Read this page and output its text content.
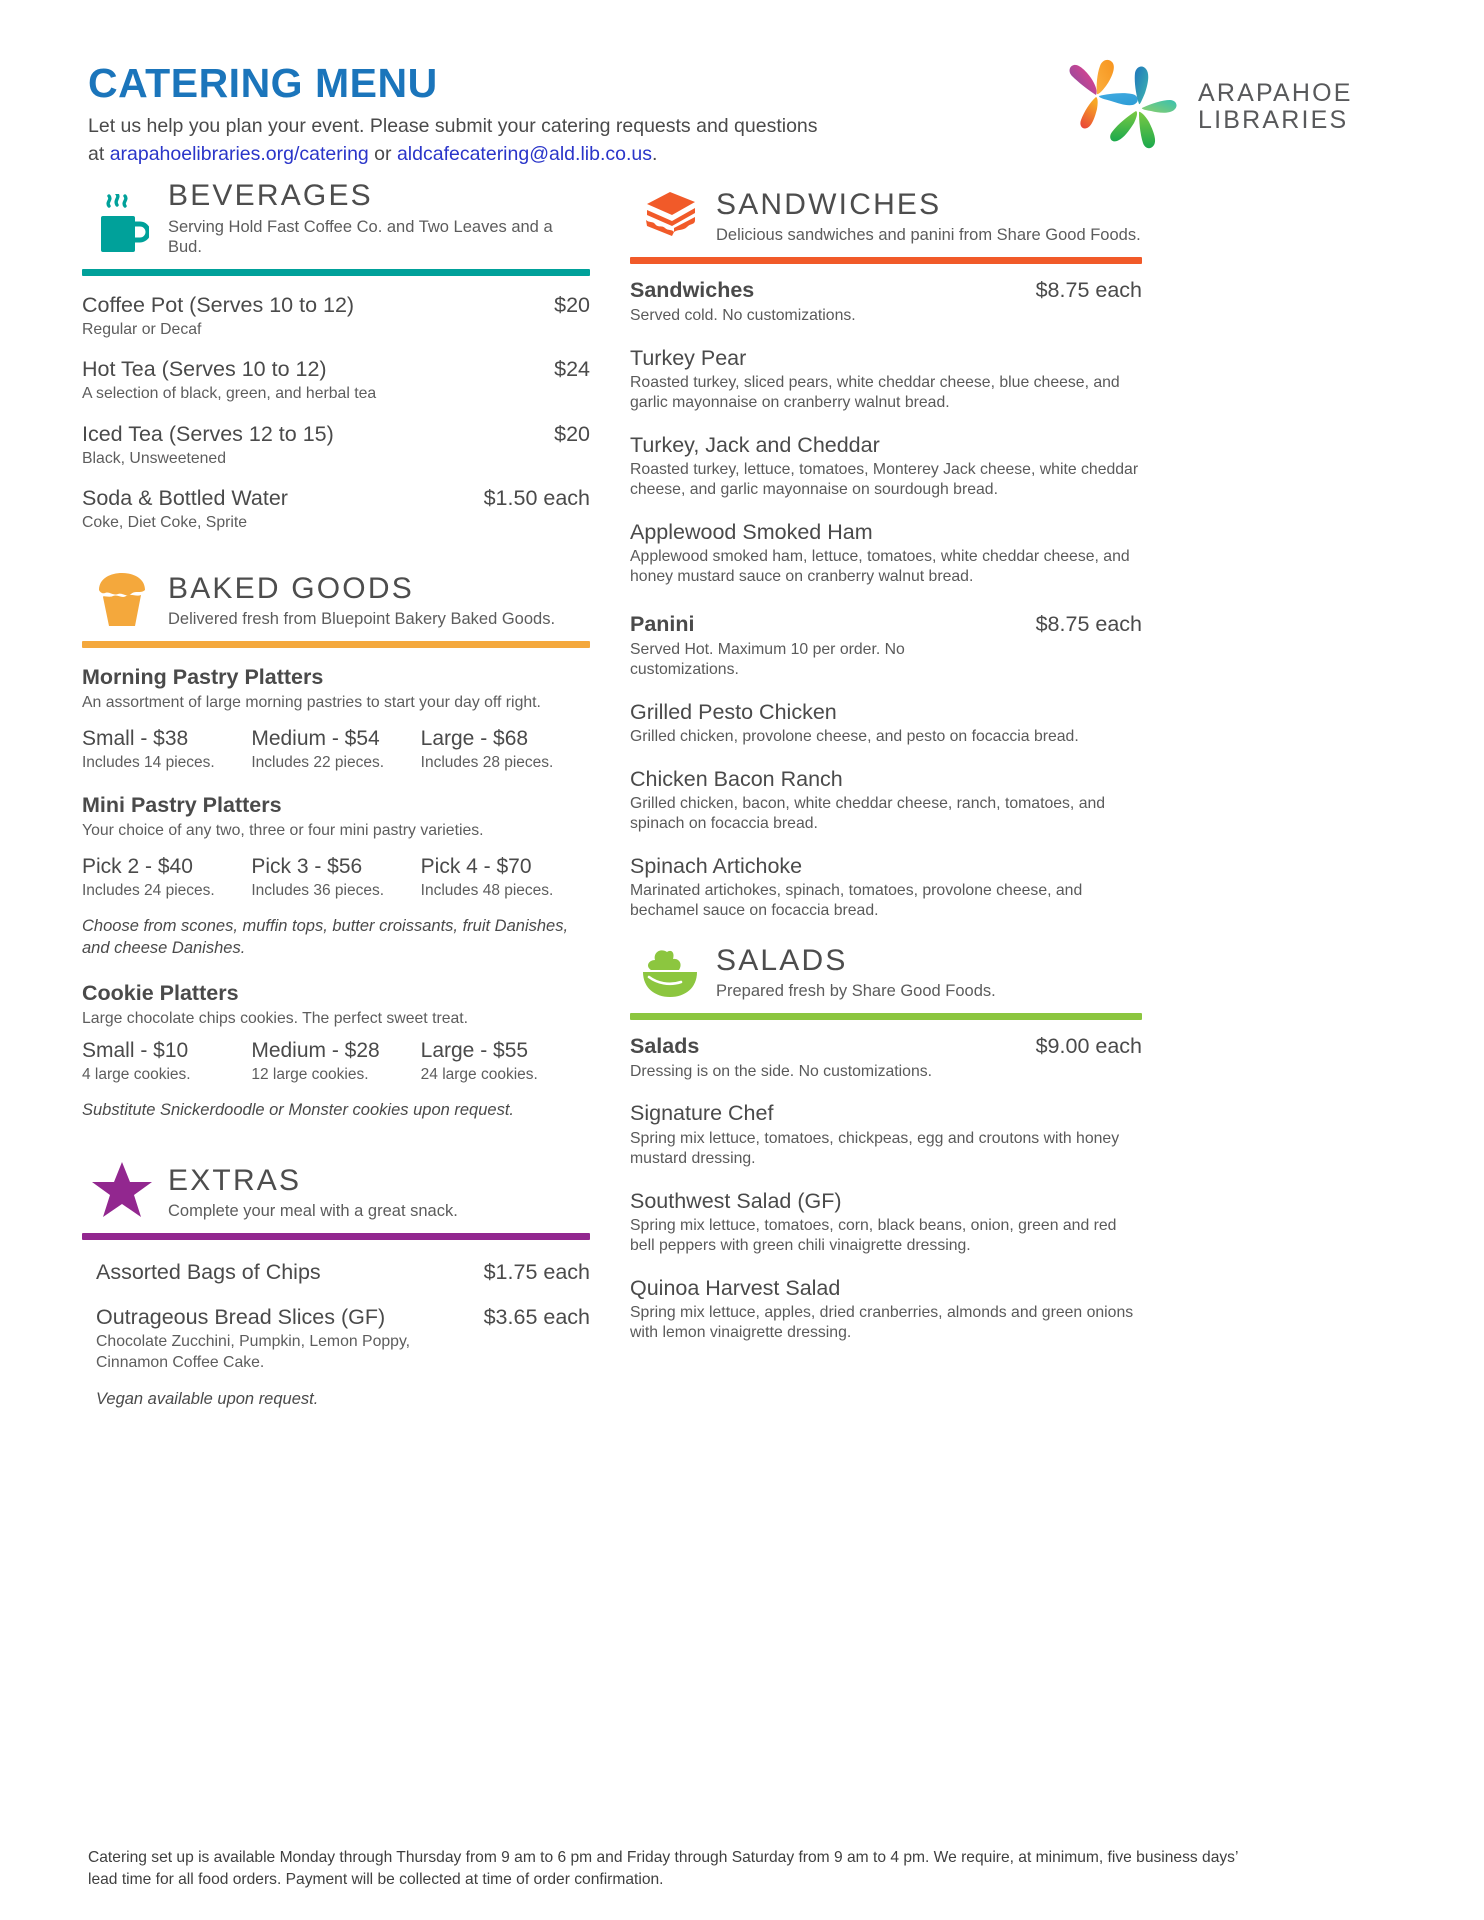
CATERING MENU
Let us help you plan your event. Please submit your catering requests and questions
at arapahoelibraries.org/catering or aldcafecatering@ald.lib.co.us.
ARAPAHOE
LIBRARIES
BEVERAGES
Serving Hold Fast Coffee Co. and Two Leaves and a Bud.
Coffee Pot (Serves 10 to 12)	$20
Regular or Decaf
Hot Tea (Serves 10 to 12)	$24
A selection of black, green, and herbal tea
Iced Tea (Serves 12 to 15)	$20
Black, Unsweetened
Soda & Bottled Water	$1.50 each
Coke, Diet Coke, Sprite
BAKED GOODS
Delivered fresh from Bluepoint Bakery Baked Goods.
Morning Pastry Platters
An assortment of large morning pastries to start your day off right.
Small - $38
Includes 14 pieces.
Medium - $54
Includes 22 pieces.
Large - $68
Includes 28 pieces.
Mini Pastry Platters
Your choice of any two, three or four mini pastry varieties.
Pick 2 - $40
Includes 24 pieces.
Pick 3 - $56
Includes 36 pieces.
Pick 4 - $70
Includes 48 pieces.
Choose from scones, muffin tops, butter croissants, fruit Danishes, and cheese Danishes.
Cookie Platters
Large chocolate chips cookies. The perfect sweet treat.
Small - $10
4 large cookies.
Medium - $28
12 large cookies.
Large - $55
24 large cookies.
Substitute Snickerdoodle or Monster cookies upon request.
EXTRAS
Complete your meal with a great snack.
Assorted Bags of Chips	$1.75 each
Outrageous Bread Slices (GF)	$3.65 each
Chocolate Zucchini, Pumpkin, Lemon Poppy, Cinnamon Coffee Cake.
Vegan available upon request.
SANDWICHES
Delicious sandwiches and panini from Share Good Foods.
Sandwiches	$8.75 each
Served cold. No customizations.
Turkey Pear
Roasted turkey, sliced pears, white cheddar cheese, blue cheese, and garlic mayonnaise on cranberry walnut bread.
Turkey, Jack and Cheddar
Roasted turkey, lettuce, tomatoes, Monterey Jack cheese, white cheddar cheese, and garlic mayonnaise on sourdough bread.
Applewood Smoked Ham
Applewood smoked ham, lettuce, tomatoes, white cheddar cheese, and honey mustard sauce on cranberry walnut bread.
Panini	$8.75 each
Served Hot. Maximum 10 per order. No customizations.
Grilled Pesto Chicken
Grilled chicken, provolone cheese, and pesto on focaccia bread.
Chicken Bacon Ranch
Grilled chicken, bacon, white cheddar cheese, ranch, tomatoes, and spinach on focaccia bread.
Spinach Artichoke
Marinated artichokes, spinach, tomatoes, provolone cheese, and bechamel sauce on focaccia bread.
SALADS
Prepared fresh by Share Good Foods.
Salads	$9.00 each
Dressing is on the side. No customizations.
Signature Chef
Spring mix lettuce, tomatoes, chickpeas, egg and croutons with honey mustard dressing.
Southwest Salad (GF)
Spring mix lettuce, tomatoes, corn, black beans, onion, green and red bell peppers with green chili vinaigrette dressing.
Quinoa Harvest Salad
Spring mix lettuce, apples, dried cranberries, almonds and green onions with lemon vinaigrette dressing.
Catering set up is available Monday through Thursday from 9 am to 6 pm and Friday through Saturday from 9 am to 4 pm. We require, at minimum, five business days’
lead time for all food orders. Payment will be collected at time of order confirmation.
